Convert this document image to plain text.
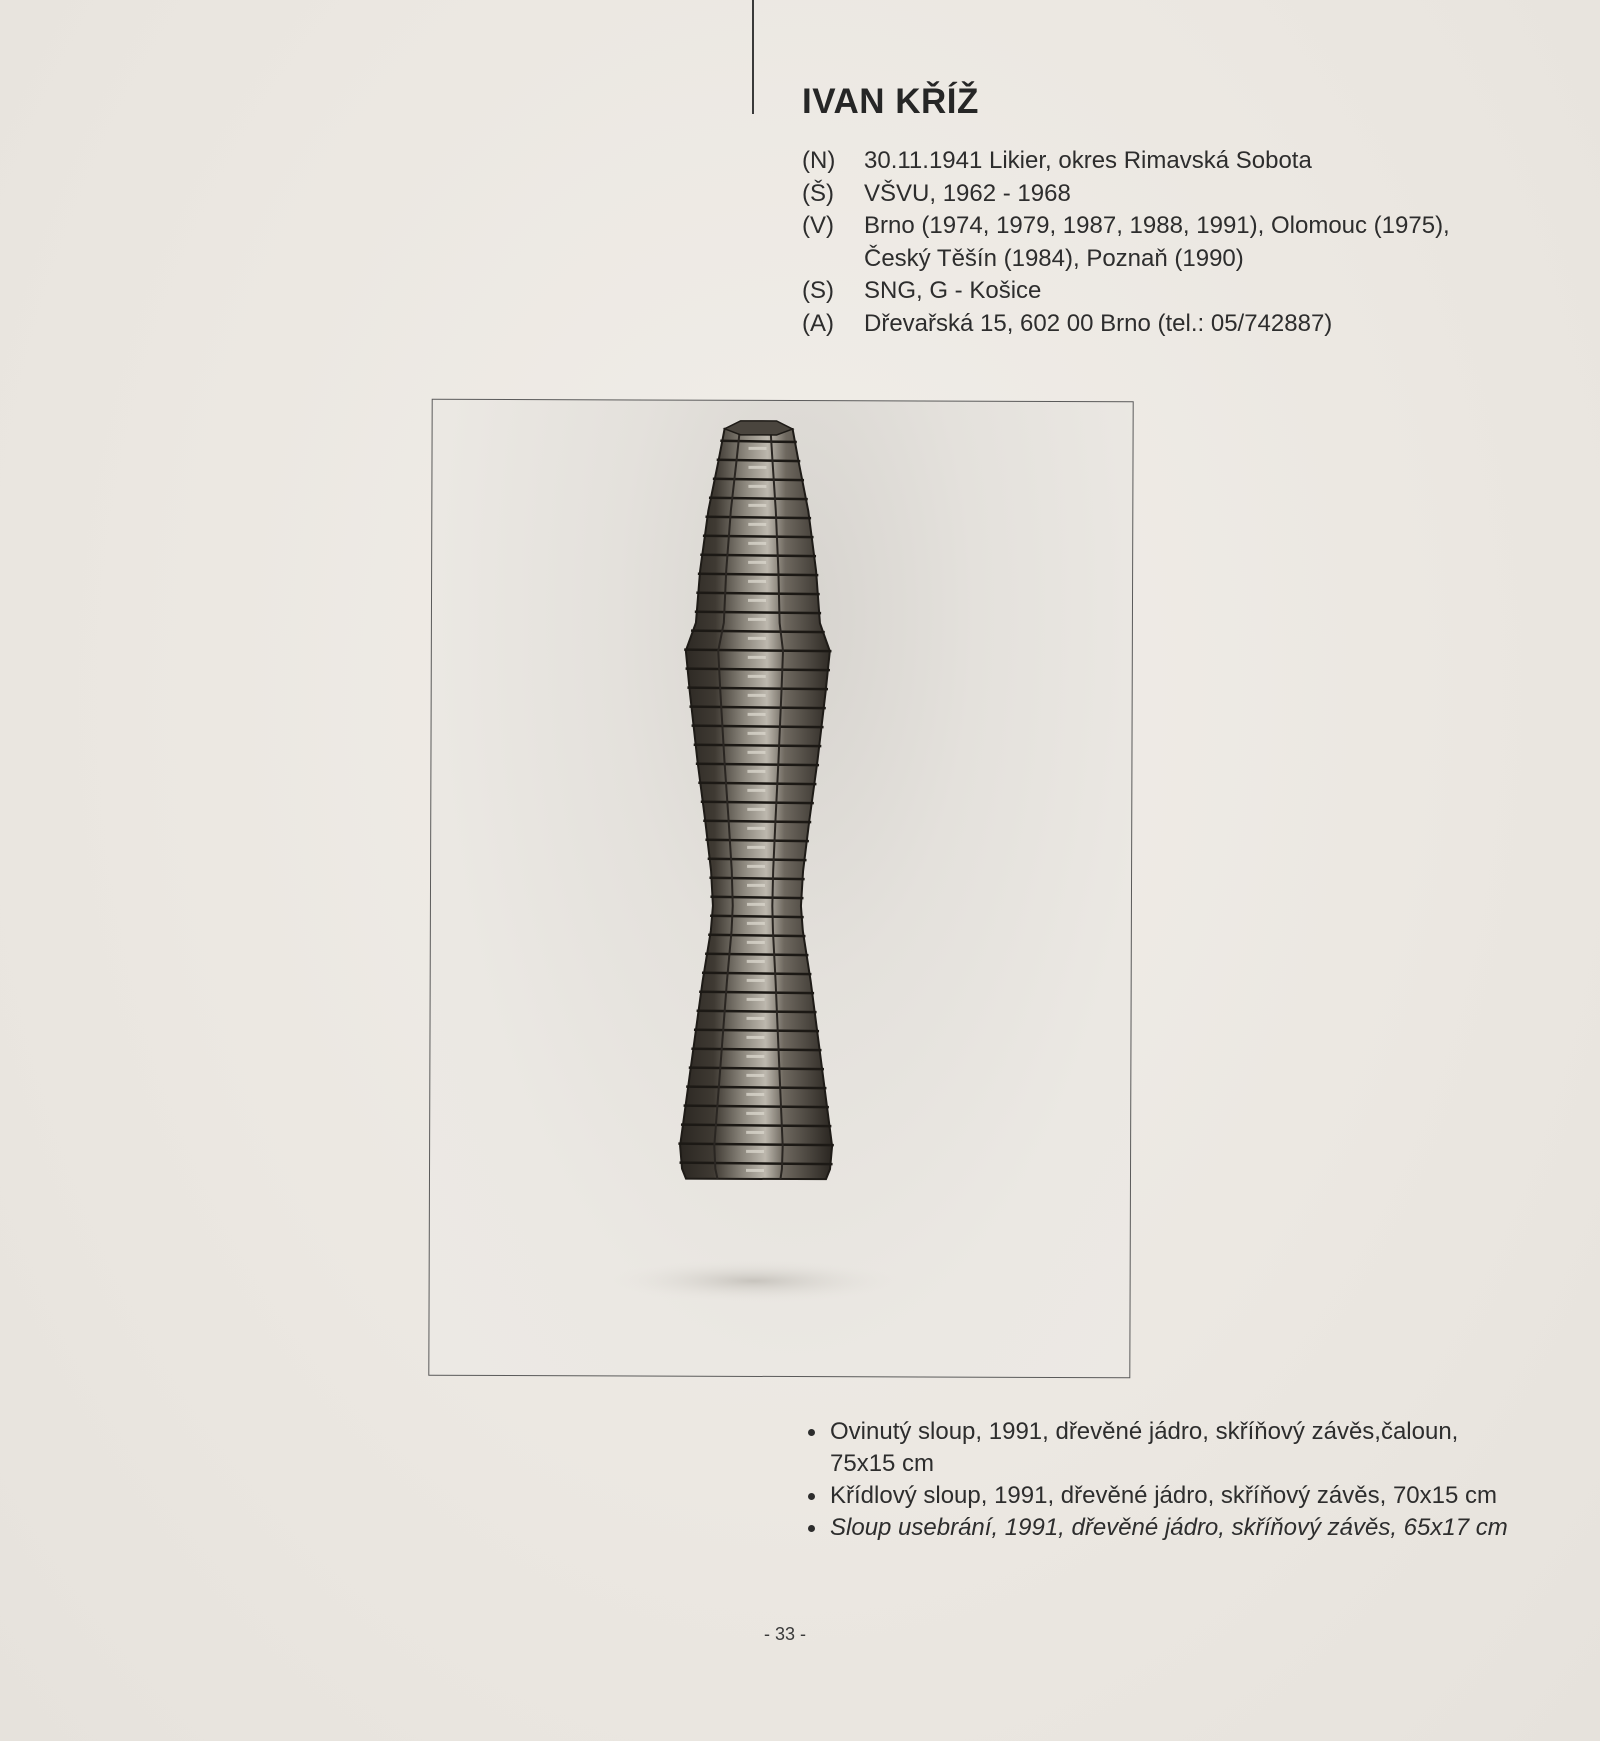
IVAN KŘÍŽ
(N)	30.11.1941 Likier, okres Rimavská Sobota
(Š)	VŠVU, 1962 - 1968
(V)	Brno (1974, 1979, 1987, 1988, 1991), Olomouc (1975), Český Těšín (1984), Poznaň (1990)
(S)	SNG, G - Košice
(A)	Dřevařská 15, 602 00 Brno (tel.: 05/742887)
Ovinutý sloup, 1991, dřevěné jádro, skříňový závěs,čaloun, 75x15 cm
Křídlový sloup, 1991, dřevěné jádro, skříňový závěs, 70x15 cm
Sloup usebrání, 1991, dřevěné jádro, skříňový závěs, 65x17 cm
- 33 -
